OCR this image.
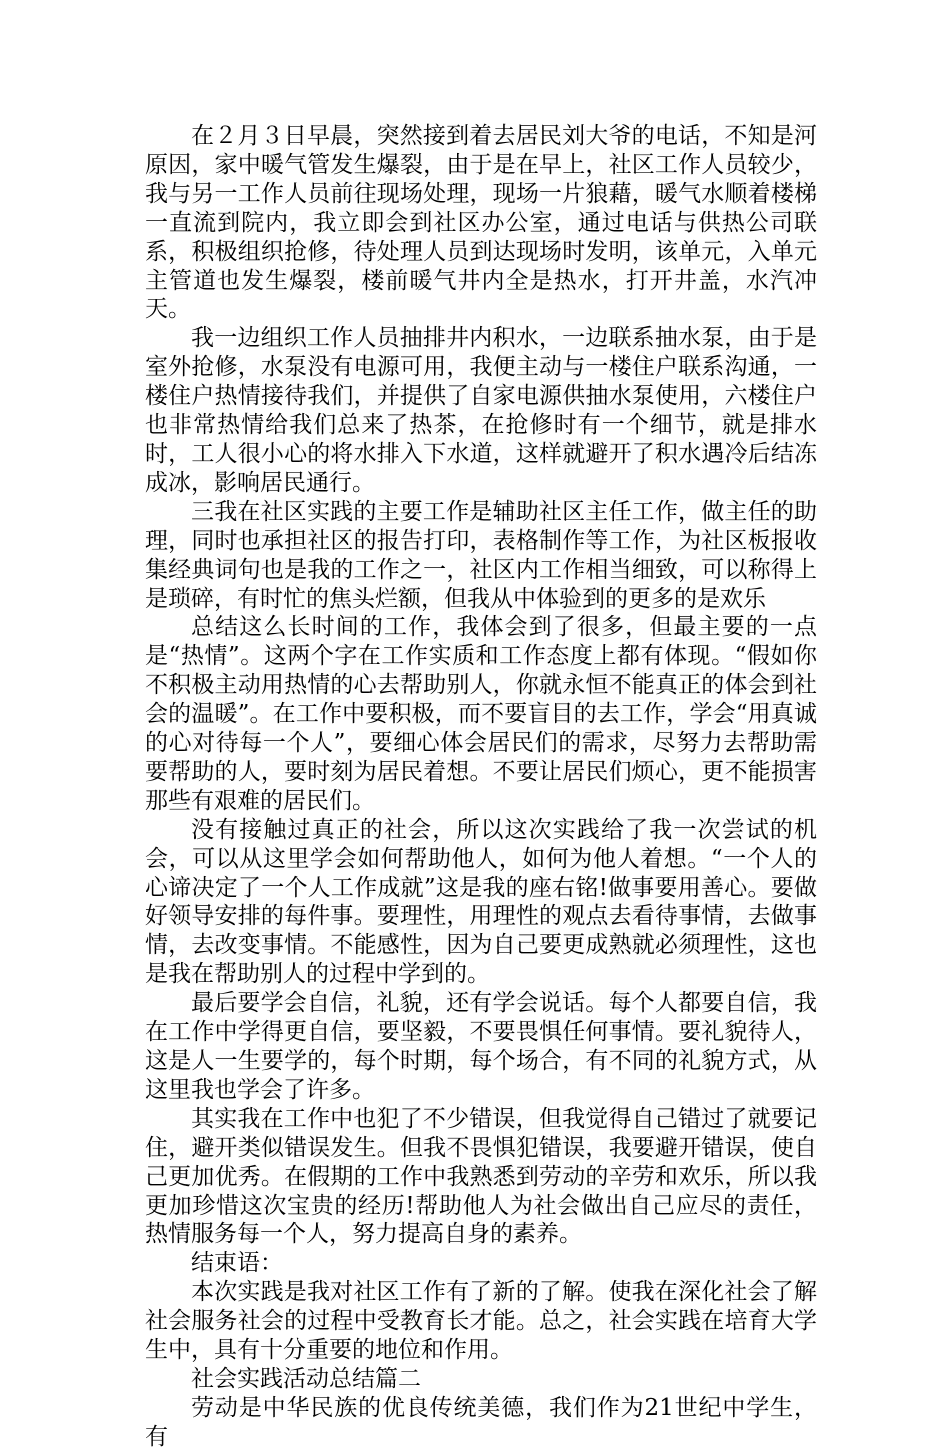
在２月３日早晨，突然接到着去居民刘大爷的电话，不知是河原因，家中暖气管发生爆裂，由于是在早上，社区工作人员较少，我与另一工作人员前往现场处理，现场一片狼藉，暖气水顺着楼梯一直流到院内，我立即会到社区办公室，通过电话与供热公司联系，积极组织抢修，待处理人员到达现场时发明，该单元，入单元主管道也发生爆裂，楼前暖气井内全是热水，打开井盖，水汽冲天。

我一边组织工作人员抽排井内积水，一边联系抽水泵，由于是室外抢修，水泵没有电源可用，我便主动与一楼住户联系沟通，一楼住户热情接待我们，并提供了自家电源供抽水泵使用，六楼住户也非常热情给我们总来了热茶，在抢修时有一个细节，就是排水时，工人很小心的将水排入下水道，这样就避开了积水遇冷后结冻成冰，影响居民通行。

三我在社区实践的主要工作是辅助社区主任工作，做主任的助理，同时也承担社区的报告打印，表格制作等工作，为社区板报收集经典词句也是我的工作之一，社区内工作相当细致，可以称得上是琐碎，有时忙的焦头烂额，但我从中体验到的更多的是欢乐

总结这么长时间的工作，我体会到了很多，但最主要的一点是“热情”。这两个字在工作实质和工作态度上都有体现。“假如你不积极主动用热情的心去帮助别人，你就永恒不能真正的体会到社会的温暖”。在工作中要积极，而不要盲目的去工作，学会“用真诚的心对待每一个人”，要细心体会居民们的需求，尽努力去帮助需要帮助的人，要时刻为居民着想。不要让居民们烦心，更不能损害那些有艰难的居民们。

没有接触过真正的社会，所以这次实践给了我一次尝试的机会，可以从这里学会如何帮助他人，如何为他人着想。“一个人的心谛决定了一个人工作成就”这是我的座右铭!做事要用善心。要做好领导安排的每件事。要理性，用理性的观点去看待事情，去做事情，去改变事情。不能感性，因为自己要更成熟就必须理性，这也是我在帮助别人的过程中学到的。

最后要学会自信，礼貌，还有学会说话。每个人都要自信，我在工作中学得更自信，要坚毅，不要畏惧任何事情。要礼貌待人，这是人一生要学的，每个时期，每个场合，有不同的礼貌方式，从这里我也学会了许多。

其实我在工作中也犯了不少错误，但我觉得自己错过了就要记住，避开类似错误发生。但我不畏惧犯错误，我要避开错误，使自己更加优秀。在假期的工作中我熟悉到劳动的辛劳和欢乐，所以我更加珍惜这次宝贵的经历!帮助他人为社会做出自己应尽的责任，热情服务每一个人，努力提高自身的素养。

结束语：

本次实践是我对社区工作有了新的了解。使我在深化社会了解社会服务社会的过程中受教育长才能。总之，社会实践在培育大学生中，具有十分重要的地位和作用。

社会实践活动总结篇二

劳动是中华民族的优良传统美德，我们作为21世纪中学生，有
